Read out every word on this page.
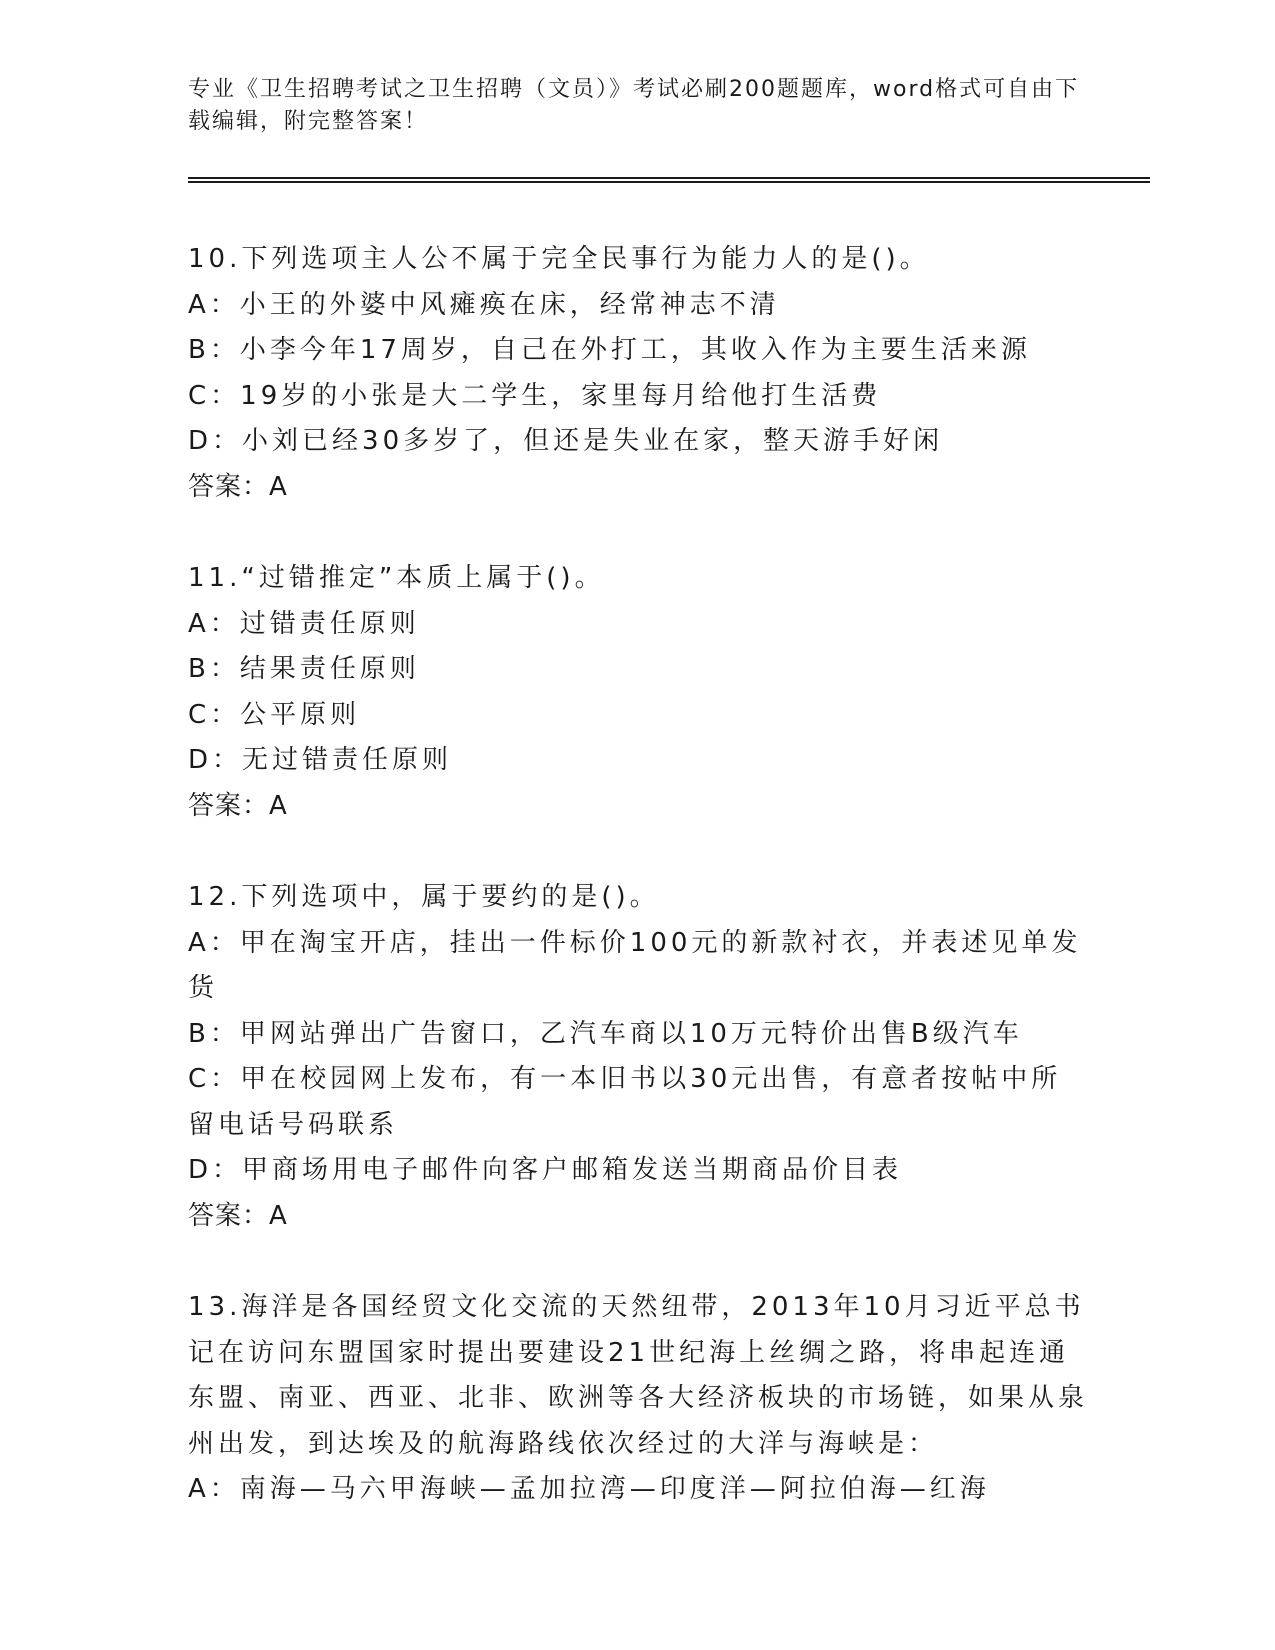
专业《卫生招聘考试之卫生招聘（文员）》考试必刷200题题库，word格式可自由下载编辑，附完整答案！
10.下列选项主人公不属于完全民事行为能力人的是()。
A：小王的外婆中风瘫痪在床，经常神志不清
B：小李今年17周岁，自己在外打工，其收入作为主要生活来源
C：19岁的小张是大二学生，家里每月给他打生活费
D：小刘已经30多岁了，但还是失业在家，整天游手好闲
答案：A
11.“过错推定”本质上属于()。
A：过错责任原则
B：结果责任原则
C：公平原则
D：无过错责任原则
答案：A
12.下列选项中，属于要约的是()。
A：甲在淘宝开店，挂出一件标价100元的新款衬衣，并表述见单发货
B：甲网站弹出广告窗口，乙汽车商以10万元特价出售B级汽车
C：甲在校园网上发布，有一本旧书以30元出售，有意者按帖中所留电话号码联系
D：甲商场用电子邮件向客户邮箱发送当期商品价目表
答案：A
13.海洋是各国经贸文化交流的天然纽带，2013年10月习近平总书记在访问东盟国家时提出要建设21世纪海上丝绸之路，将串起连通东盟、南亚、西亚、北非、欧洲等各大经济板块的市场链，如果从泉州出发，到达埃及的航海路线依次经过的大洋与海峡是：
A：南海—马六甲海峡—孟加拉湾—印度洋—阿拉伯海—红海
